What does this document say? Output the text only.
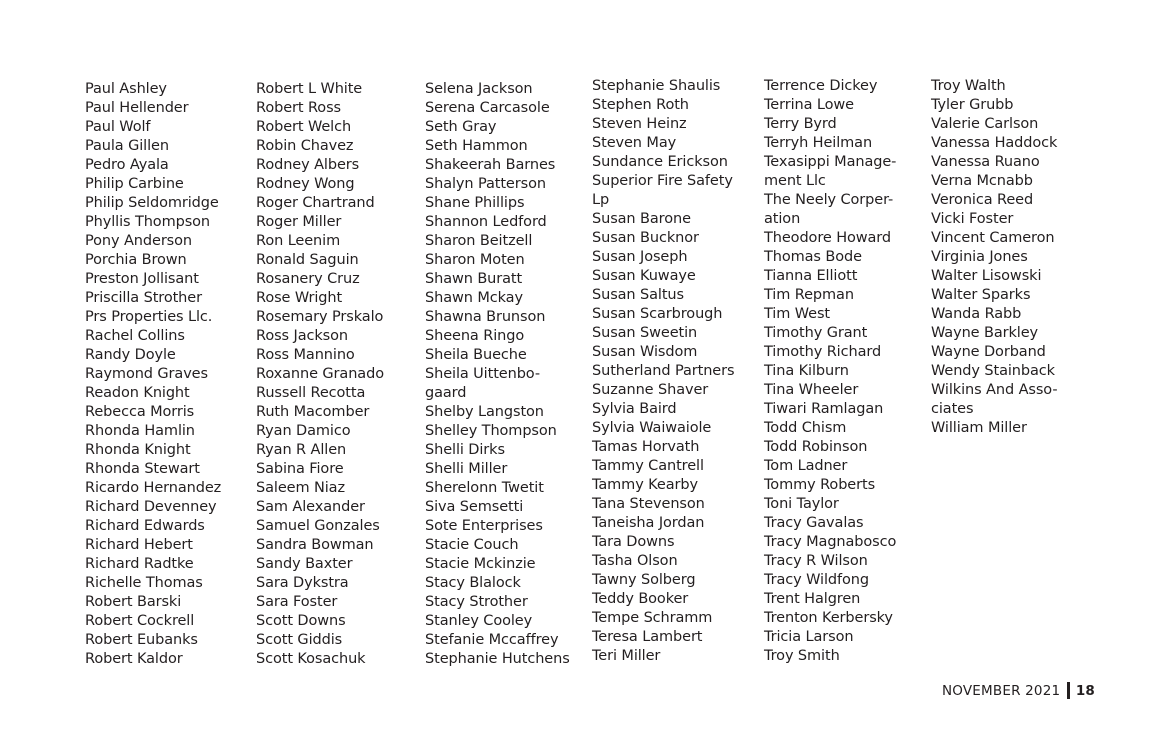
Paul Ashley
Paul Hellender
Paul Wolf
Paula Gillen
Pedro Ayala
Philip Carbine
Philip Seldomridge
Phyllis Thompson
Pony Anderson
Porchia Brown
Preston Jollisant
Priscilla Strother
Prs Properties Llc.
Rachel Collins
Randy Doyle
Raymond Graves
Readon Knight
Rebecca Morris
Rhonda Hamlin
Rhonda Knight
Rhonda Stewart
Ricardo Hernandez
Richard Devenney
Richard Edwards
Richard Hebert
Richard Radtke
Richelle Thomas
Robert Barski
Robert Cockrell
Robert Eubanks
Robert Kaldor
Robert L White
Robert Ross
Robert Welch
Robin Chavez
Rodney Albers
Rodney Wong
Roger Chartrand
Roger Miller
Ron Leenim
Ronald Saguin
Rosanery Cruz
Rose Wright
Rosemary Prskalo
Ross Jackson
Ross Mannino
Roxanne Granado
Russell Recotta
Ruth Macomber
Ryan Damico
Ryan R Allen
Sabina Fiore
Saleem Niaz
Sam Alexander
Samuel Gonzales
Sandra Bowman
Sandy Baxter
Sara Dykstra
Sara Foster
Scott Downs
Scott Giddis
Scott Kosachuk
Selena Jackson
Serena Carcasole
Seth Gray
Seth Hammon
Shakeerah Barnes
Shalyn Patterson
Shane Phillips
Shannon Ledford
Sharon Beitzell
Sharon Moten
Shawn Buratt
Shawn Mckay
Shawna Brunson
Sheena Ringo
Sheila Bueche
Sheila Uittenbo-
gaard
Shelby Langston
Shelley Thompson
Shelli Dirks
Shelli Miller
Sherelonn Twetit
Siva Semsetti
Sote Enterprises
Stacie Couch
Stacie Mckinzie
Stacy Blalock
Stacy Strother
Stanley Cooley
Stefanie Mccaffrey
Stephanie Hutchens
Stephanie Shaulis
Stephen Roth
Steven Heinz
Steven May
Sundance Erickson
Superior Fire Safety
Lp
Susan Barone
Susan Bucknor
Susan Joseph
Susan Kuwaye
Susan Saltus
Susan Scarbrough
Susan Sweetin
Susan Wisdom
Sutherland Partners
Suzanne Shaver
Sylvia Baird
Sylvia Waiwaiole
Tamas Horvath
Tammy Cantrell
Tammy Kearby
Tana Stevenson
Taneisha Jordan
Tara Downs
Tasha Olson
Tawny Solberg
Teddy Booker
Tempe Schramm
Teresa Lambert
Teri Miller
Terrence Dickey
Terrina Lowe
Terry Byrd
Terryh Heilman
Texasippi Manage-
ment Llc
The Neely Corper-
ation
Theodore Howard
Thomas Bode
Tianna Elliott
Tim Repman
Tim West
Timothy Grant
Timothy Richard
Tina Kilburn
Tina Wheeler
Tiwari Ramlagan
Todd Chism
Todd Robinson
Tom Ladner
Tommy Roberts
Toni Taylor
Tracy Gavalas
Tracy Magnabosco
Tracy R Wilson
Tracy Wildfong
Trent Halgren
Trenton Kerbersky
Tricia Larson
Troy Smith
Troy Walth
Tyler Grubb
Valerie Carlson
Vanessa Haddock
Vanessa Ruano
Verna Mcnabb
Veronica Reed
Vicki Foster
Vincent Cameron
Virginia Jones
Walter Lisowski
Walter Sparks
Wanda Rabb
Wayne Barkley
Wayne Dorband
Wendy Stainback
Wilkins And Asso-
ciates
William Miller
NOVEMBER 2021 18
